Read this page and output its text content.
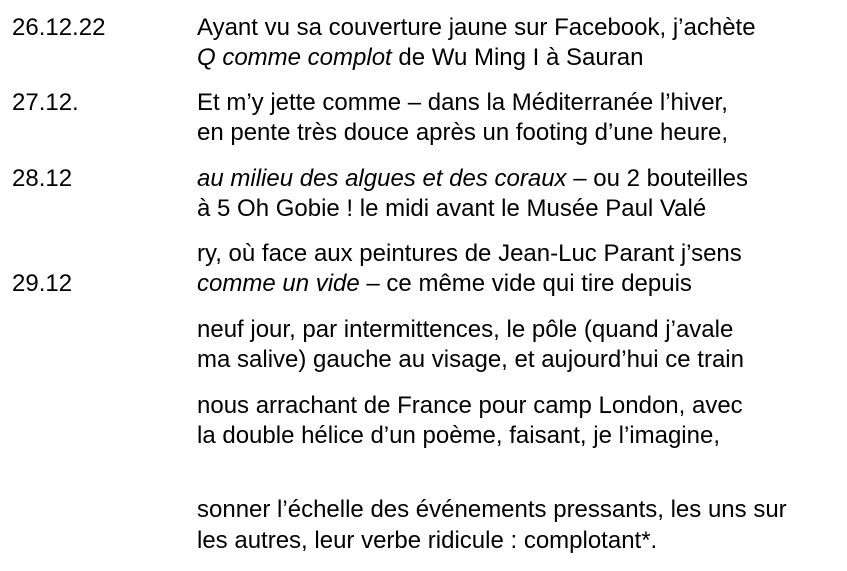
26.12.22	Ayant vu sa couverture jaune sur Facebook, j’achète
Q comme complot de Wu Ming I à Sauran
27.12.	Et m’y jette comme – dans la Méditerranée l’hiver,
en pente très douce après un footing d’une heure,
28.12	au milieu des algues et des coraux – ou 2 bouteilles
à 5 Oh Gobie ! le midi avant le Musée Paul Valé
ry, où face aux peintures de Jean-Luc Parant j’sens
29.12	comme un vide – ce même vide qui tire depuis
neuf jour, par intermittences, le pôle (quand j’avale
ma salive) gauche au visage, et aujourd’hui ce train
nous arrachant de France pour camp London, avec
la double hélice d’un poème, faisant, je l’imagine,
sonner l’échelle des événements pressants, les uns sur
les autres, leur verbe ridicule : complotant*.
